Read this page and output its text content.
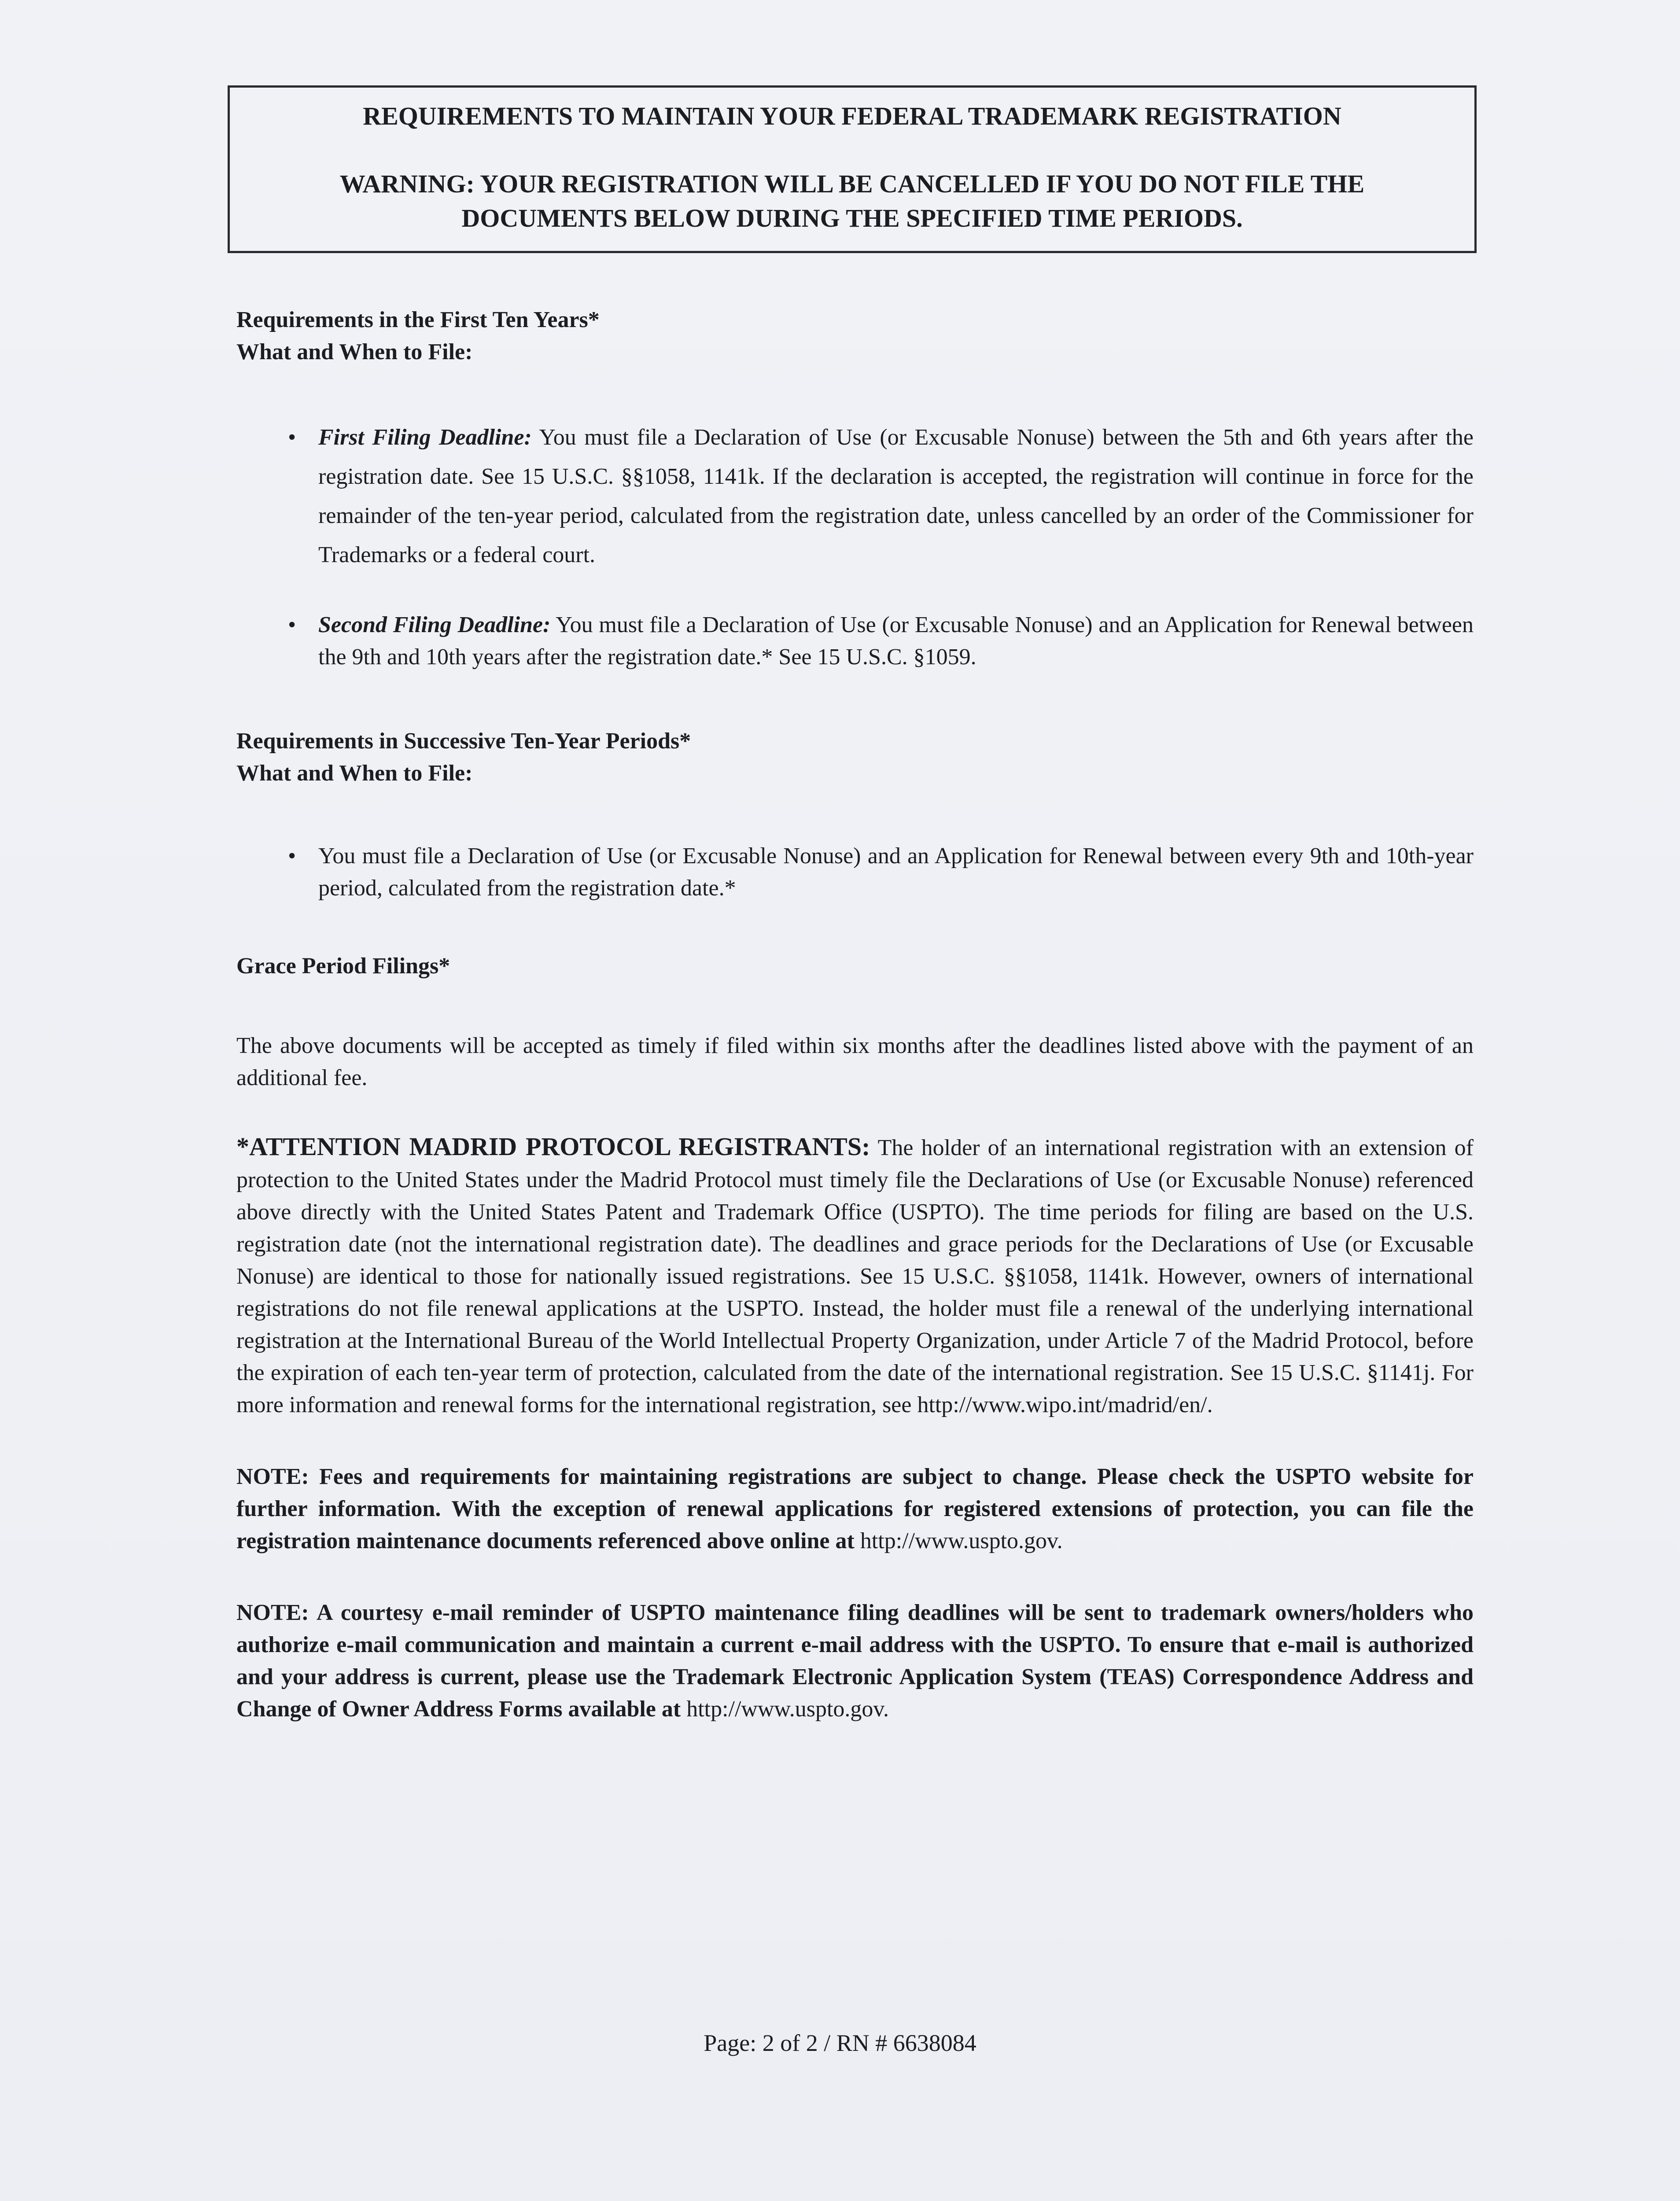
REQUIREMENTS TO MAINTAIN YOUR FEDERAL TRADEMARK REGISTRATION
WARNING: YOUR REGISTRATION WILL BE CANCELLED IF YOU DO NOT FILE THE DOCUMENTS BELOW DURING THE SPECIFIED TIME PERIODS.

Requirements in the First Ten Years*

What and When to File:

• First Filing Deadline: You must file a Declaration of Use (or Excusable Nonuse) between the 5th and 6th years after the registration date. See 15 U.S.C. §§1058, 1141k. If the declaration is accepted, the registration will continue in force for the remainder of the ten-year period, calculated from the registration date, unless cancelled by an order of the Commissioner for Trademarks or a federal court.
• Second Filing Deadline: You must file a Declaration of Use (or Excusable Nonuse) and an Application for Renewal between the 9th and 10th years after the registration date.* See 15 U.S.C. §1059.

Requirements in Successive Ten-Year Periods*

What and When to File:

• You must file a Declaration of Use (or Excusable Nonuse) and an Application for Renewal between every 9th and 10th-year period, calculated from the registration date.*

Grace Period Filings*

The above documents will be accepted as timely if filed within six months after the deadlines listed above with the payment of an additional fee.

*ATTENTION MADRID PROTOCOL REGISTRANTS: The holder of an international registration with an extension of protection to the United States under the Madrid Protocol must timely file the Declarations of Use (or Excusable Nonuse) referenced above directly with the United States Patent and Trademark Office (USPTO). The time periods for filing are based on the U.S. registration date (not the international registration date). The deadlines and grace periods for the Declarations of Use (or Excusable Nonuse) are identical to those for nationally issued registrations. See 15 U.S.C. §§1058, 1141k. However, owners of international registrations do not file renewal applications at the USPTO. Instead, the holder must file a renewal of the underlying international registration at the International Bureau of the World Intellectual Property Organization, under Article 7 of the Madrid Protocol, before the expiration of each ten-year term of protection, calculated from the date of the international registration. See 15 U.S.C. §1141j. For more information and renewal forms for the international registration, see http://www.wipo.int/madrid/en/.

NOTE: Fees and requirements for maintaining registrations are subject to change. Please check the USPTO website for further information. With the exception of renewal applications for registered extensions of protection, you can file the registration maintenance documents referenced above online at http://www.uspto.gov.

NOTE: A courtesy e-mail reminder of USPTO maintenance filing deadlines will be sent to trademark owners/holders who authorize e-mail communication and maintain a current e-mail address with the USPTO. To ensure that e-mail is authorized and your address is current, please use the Trademark Electronic Application System (TEAS) Correspondence Address and Change of Owner Address Forms available at http://www.uspto.gov.

Page: 2 of 2 / RN # 6638084
